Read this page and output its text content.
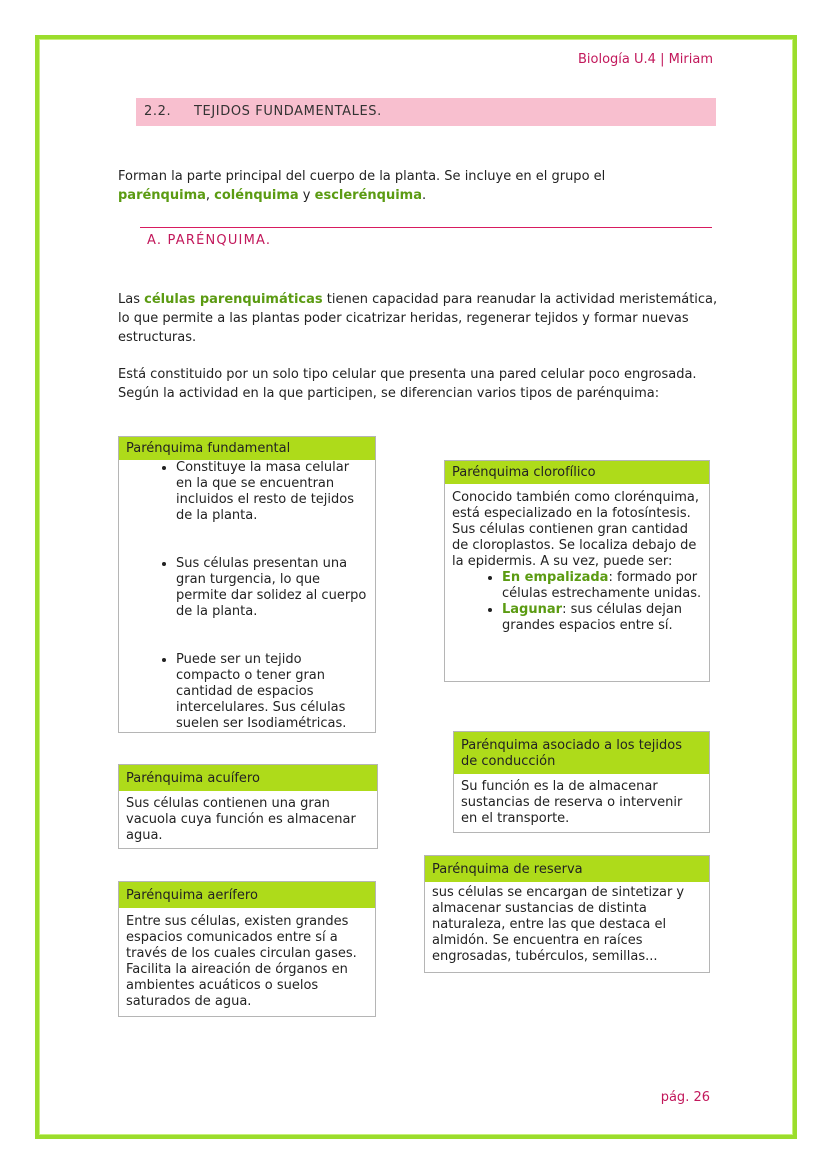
Biología U.4 | Miriam
2.2. TEJIDOS FUNDAMENTALES.
Forman la parte principal del cuerpo de la planta. Se incluye en el grupo el
parénquima, colénquima y esclerénquima.
A. PARÉNQUIMA.
Las células parenquimáticas tienen capacidad para reanudar la actividad meristemática, lo que permite a las plantas poder cicatrizar heridas, regenerar tejidos y formar nuevas estructuras.
Está constituido por un solo tipo celular que presenta una pared celular poco engrosada. Según la actividad en la que participen, se diferencian varios tipos de parénquima:
Parénquima fundamental
• Constituye la masa celular en la que se encuentran incluidos el resto de tejidos de la planta.
• Sus células presentan una gran turgencia, lo que permite dar solidez al cuerpo de la planta.
• Puede ser un tejido compacto o tener gran cantidad de espacios intercelulares. Sus células suelen ser Isodiamétricas.
Parénquima clorofílico
Conocido también como clorénquima, está especializado en la fotosíntesis. Sus células contienen gran cantidad de cloroplastos. Se localiza debajo de la epidermis. A su vez, puede ser:
• En empalizada: formado por células estrechamente unidas.
• Lagunar: sus células dejan grandes espacios entre sí.
Parénquima asociado a los tejidos de conducción
Su función es la de almacenar sustancias de reserva o intervenir en el transporte.
Parénquima acuífero
Sus células contienen una gran vacuola cuya función es almacenar agua.
Parénquima de reserva
sus células se encargan de sintetizar y almacenar sustancias de distinta naturaleza, entre las que destaca el almidón. Se encuentra en raíces engrosadas, tubérculos, semillas...
Parénquima aerífero
Entre sus células, existen grandes espacios comunicados entre sí a través de los cuales circulan gases. Facilita la aireación de órganos en ambientes acuáticos o suelos saturados de agua.
pág. 26
